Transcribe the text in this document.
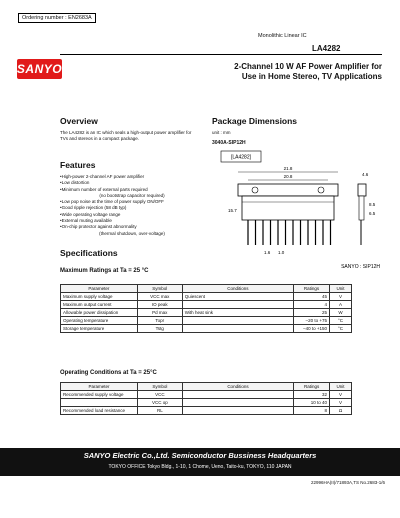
Ordering number : EN2683A
Monolithic Linear IC
LA4282
SANYO	2-Channel 10 W AF Power Amplifier for
Use in Home Stereo, TV Applications
Overview
The LA4282 is an IC which seals a high-output power amplifier for TVs and stereos in a compact package.
Package Dimensions
unit : mm
3040A-SIP12H
[LA4282]
21.8
20.8
15.7
1.6 1.0
4.6
8.5
6.5
SANYO : SIP12H
Features
• High-power 2-channel AF power amplifier
• Low distortion
• Minimum number of external parts required
(no bootstrap capacitor required)
• Low pop noise at the time of power supply ON/OFF
• Good ripple rejection (58 dB typ)
• Wide operating voltage range
• External muting available
• On-chip protector against abnormality
(thermal shutdown, over-voltage)
Specifications
Maximum Ratings at Ta = 25 °C
Parameter	Symbol	Conditions	Ratings	Unit
Maximum supply voltage	VCC max	Quiescent	45	V
Maximum output current	IO peak		4	A
Allowable power dissipation	Pd max	With heat sink	25	W
Operating temperature	Topr		–20 to +75	°C
Storage temperature	Tstg		–40 to +150	°C
Operating Conditions at Ta = 25°C
Parameter	Symbol	Conditions	Ratings	Unit
Recommended supply voltage	VCC		32	V
	VCC op		10 to 40	V
Recommended load resistance	RL		8	Ω
SANYO Electric Co.,Ltd. Semiconductor Bussiness Headquarters
TOKYO OFFICE Tokyo Bldg., 1-10, 1 Chome, Ueno, Taito-ku, TOKYO, 110 JAPAN
22996HA(II)/71893A,TS No.2683-1/6
